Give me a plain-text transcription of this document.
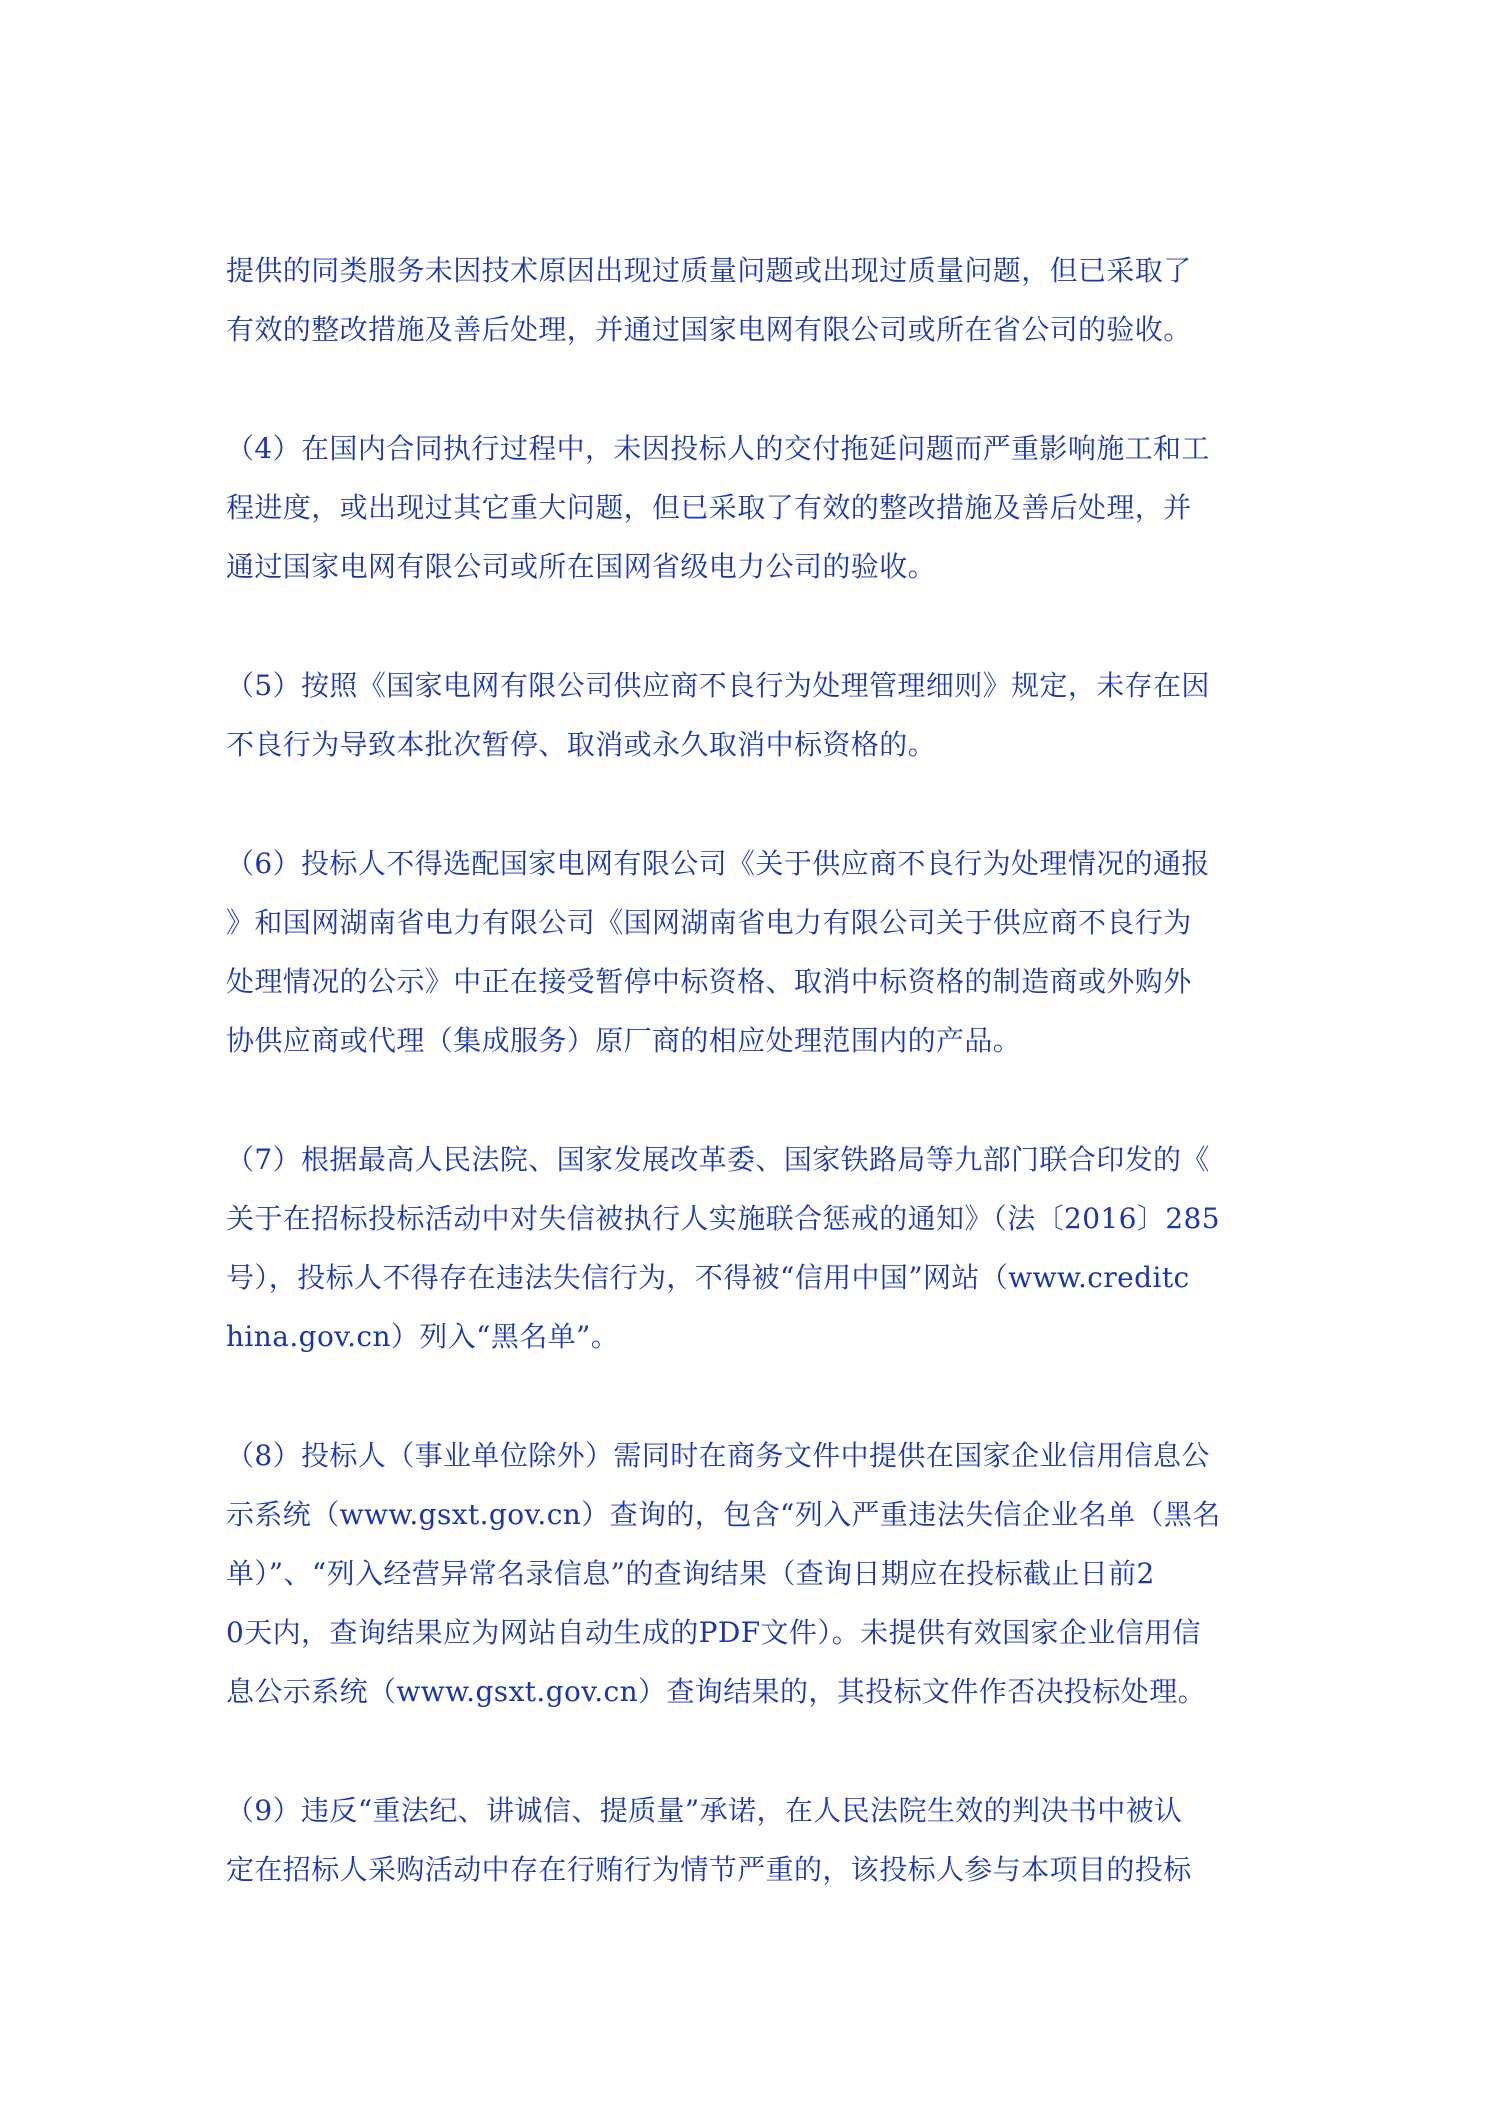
提供的同类服务未因技术原因出现过质量问题或出现过质量问题，但已采取了
有效的整改措施及善后处理，并通过国家电网有限公司或所在省公司的验收。
（4）在国内合同执行过程中，未因投标人的交付拖延问题而严重影响施工和工
程进度，或出现过其它重大问题，但已采取了有效的整改措施及善后处理，并
通过国家电网有限公司或所在国网省级电力公司的验收。
（5）按照《国家电网有限公司供应商不良行为处理管理细则》规定，未存在因
不良行为导致本批次暂停、取消或永久取消中标资格的。
（6）投标人不得选配国家电网有限公司《关于供应商不良行为处理情况的通报
》和国网湖南省电力有限公司《国网湖南省电力有限公司关于供应商不良行为
处理情况的公示》中正在接受暂停中标资格、取消中标资格的制造商或外购外
协供应商或代理（集成服务）原厂商的相应处理范围内的产品。
（7）根据最高人民法院、国家发展改革委、国家铁路局等九部门联合印发的《
关于在招标投标活动中对失信被执行人实施联合惩戒的通知》（法〔2016〕285
号），投标人不得存在违法失信行为，不得被“信用中国”网站（www.creditc
hina.gov.cn）列入“黑名单”。
（8）投标人（事业单位除外）需同时在商务文件中提供在国家企业信用信息公
示系统（www.gsxt.gov.cn）查询的，包含“列入严重违法失信企业名单（黑名
单）”、“列入经营异常名录信息”的查询结果（查询日期应在投标截止日前2
0天内，查询结果应为网站自动生成的PDF文件）。未提供有效国家企业信用信
息公示系统（www.gsxt.gov.cn）查询结果的，其投标文件作否决投标处理。
（9）违反“重法纪、讲诚信、提质量”承诺，在人民法院生效的判决书中被认
定在招标人采购活动中存在行贿行为情节严重的，该投标人参与本项目的投标
